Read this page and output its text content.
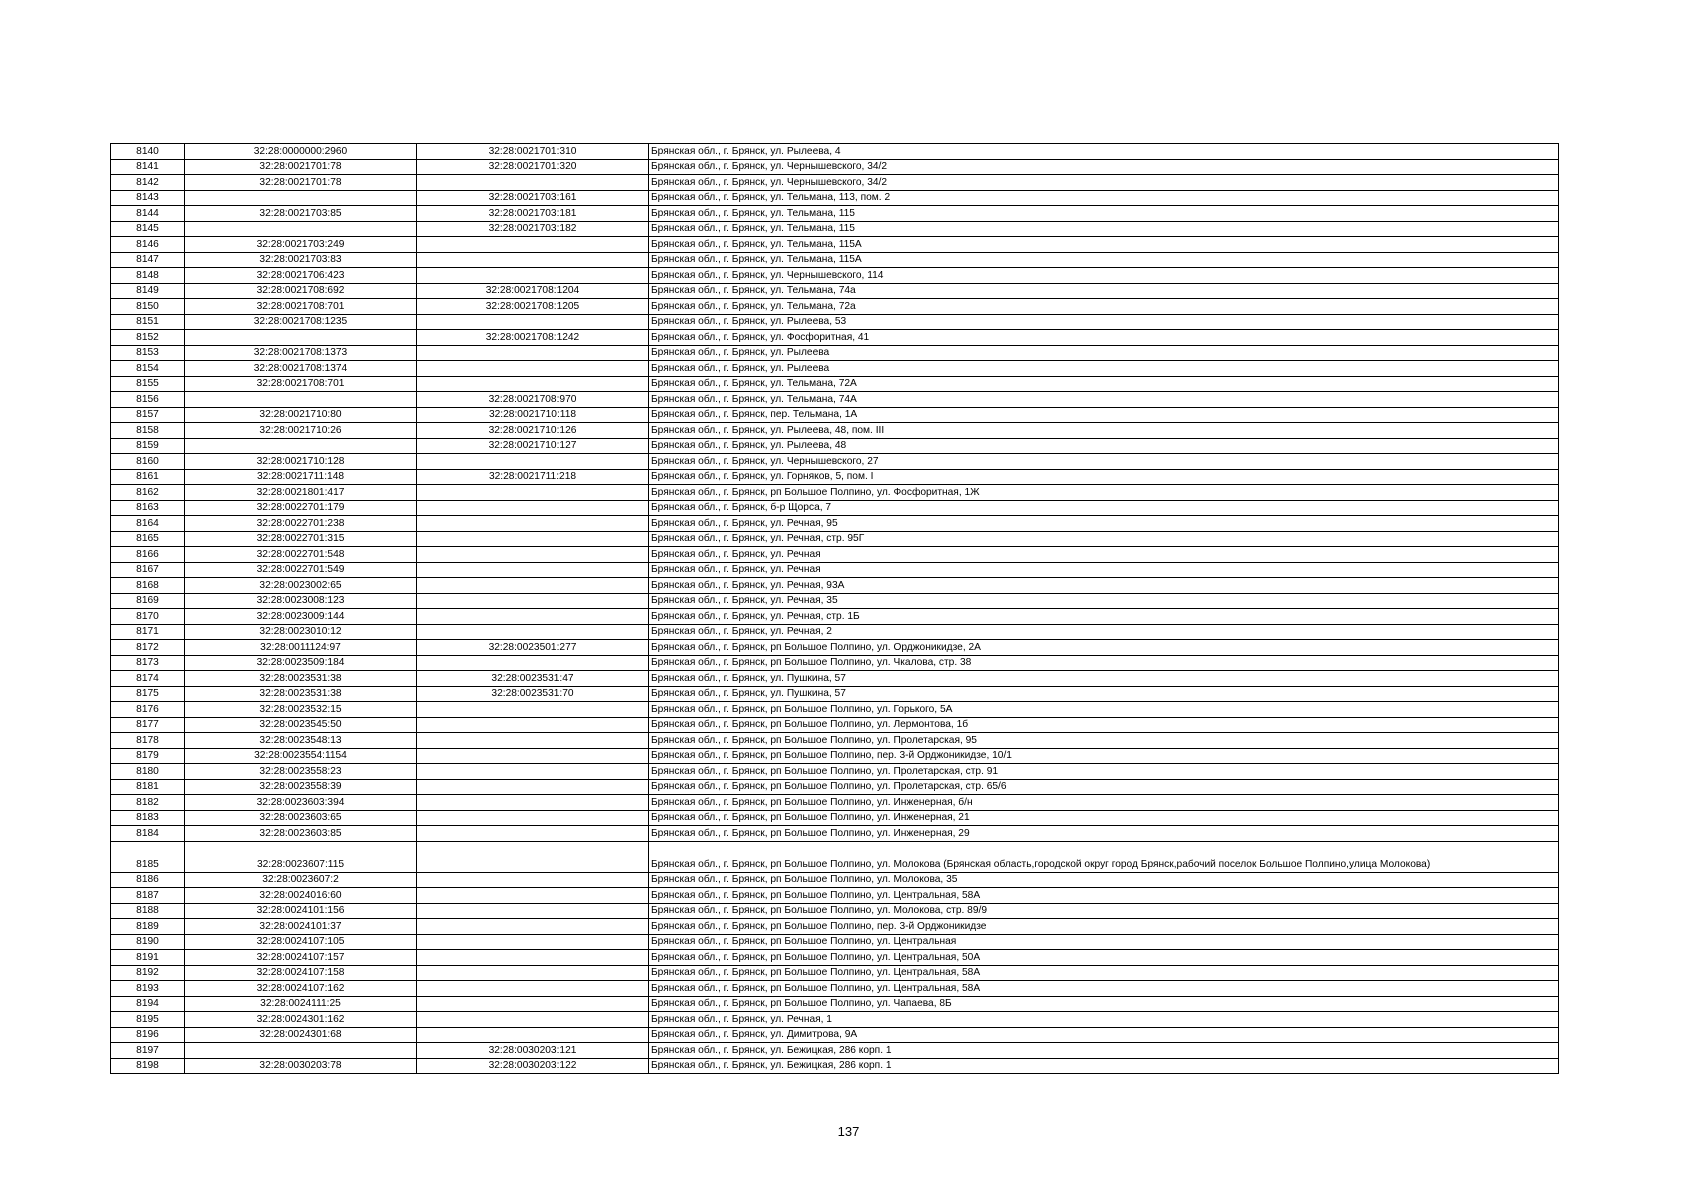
8140	32:28:0000000:2960	32:28:0021701:310	Брянская обл., г. Брянск, ул. Рылеева, 4
8141	32:28:0021701:78	32:28:0021701:320	Брянская обл., г. Брянск, ул. Чернышевского, 34/2
8142	32:28:0021701:78		Брянская обл., г. Брянск, ул. Чернышевского, 34/2
8143		32:28:0021703:161	Брянская обл., г. Брянск, ул. Тельмана, 113, пом. 2
8144	32:28:0021703:85	32:28:0021703:181	Брянская обл., г. Брянск, ул. Тельмана, 115
8145		32:28:0021703:182	Брянская обл., г. Брянск, ул. Тельмана, 115
8146	32:28:0021703:249		Брянская обл., г. Брянск, ул. Тельмана, 115А
8147	32:28:0021703:83		Брянская обл., г. Брянск, ул. Тельмана, 115А
8148	32:28:0021706:423		Брянская обл., г. Брянск, ул. Чернышевского, 114
8149	32:28:0021708:692	32:28:0021708:1204	Брянская обл., г. Брянск, ул. Тельмана, 74а
8150	32:28:0021708:701	32:28:0021708:1205	Брянская обл., г. Брянск, ул. Тельмана, 72а
8151	32:28:0021708:1235		Брянская обл., г. Брянск, ул. Рылеева, 53
8152		32:28:0021708:1242	Брянская обл., г. Брянск, ул. Фосфоритная, 41
8153	32:28:0021708:1373		Брянская обл., г. Брянск, ул. Рылеева
8154	32:28:0021708:1374		Брянская обл., г. Брянск, ул. Рылеева
8155	32:28:0021708:701		Брянская обл., г. Брянск, ул. Тельмана, 72А
8156		32:28:0021708:970	Брянская обл., г. Брянск, ул. Тельмана, 74А
8157	32:28:0021710:80	32:28:0021710:118	Брянская обл., г. Брянск, пер. Тельмана, 1А
8158	32:28:0021710:26	32:28:0021710:126	Брянская обл., г. Брянск, ул. Рылеева, 48, пом. III
8159		32:28:0021710:127	Брянская обл., г. Брянск, ул. Рылеева, 48
8160	32:28:0021710:128		Брянская обл., г. Брянск, ул. Чернышевского, 27
8161	32:28:0021711:148	32:28:0021711:218	Брянская обл., г. Брянск, ул. Горняков, 5, пом. I
8162	32:28:0021801:417		Брянская обл., г. Брянск, рп Большое Полпино, ул. Фосфоритная, 1Ж
8163	32:28:0022701:179		Брянская обл., г. Брянск, б-р Щорса, 7
8164	32:28:0022701:238		Брянская обл., г. Брянск, ул. Речная, 95
8165	32:28:0022701:315		Брянская обл., г. Брянск, ул. Речная, стр. 95Г
8166	32:28:0022701:548		Брянская обл., г. Брянск, ул. Речная
8167	32:28:0022701:549		Брянская обл., г. Брянск, ул. Речная
8168	32:28:0023002:65		Брянская обл., г. Брянск, ул. Речная, 93А
8169	32:28:0023008:123		Брянская обл., г. Брянск, ул. Речная, 35
8170	32:28:0023009:144		Брянская обл., г. Брянск, ул. Речная, стр. 1Б
8171	32:28:0023010:12		Брянская обл., г. Брянск, ул. Речная, 2
8172	32:28:0011124:97	32:28:0023501:277	Брянская обл., г. Брянск, рп Большое Полпино, ул. Орджоникидзе, 2А
8173	32:28:0023509:184		Брянская обл., г. Брянск, рп Большое Полпино, ул. Чкалова, стр. 38
8174	32:28:0023531:38	32:28:0023531:47	Брянская обл., г. Брянск, ул. Пушкина, 57
8175	32:28:0023531:38	32:28:0023531:70	Брянская обл., г. Брянск, ул. Пушкина, 57
8176	32:28:0023532:15		Брянская обл., г. Брянск, рп Большое Полпино, ул. Горького, 5А
8177	32:28:0023545:50		Брянская обл., г. Брянск, рп Большое Полпино, ул. Лермонтова, 1б
8178	32:28:0023548:13		Брянская обл., г. Брянск, рп Большое Полпино, ул. Пролетарская, 95
8179	32:28:0023554:1154		Брянская обл., г. Брянск, рп Большое Полпино, пер. 3-й Орджоникидзе, 10/1
8180	32:28:0023558:23		Брянская обл., г. Брянск, рп Большое Полпино, ул. Пролетарская, стр. 91
8181	32:28:0023558:39		Брянская обл., г. Брянск, рп Большое Полпино, ул. Пролетарская, стр. 65/6
8182	32:28:0023603:394		Брянская обл., г. Брянск, рп Большое Полпино, ул. Инженерная, б/н
8183	32:28:0023603:65		Брянская обл., г. Брянск, рп Большое Полпино, ул. Инженерная, 21
8184	32:28:0023603:85		Брянская обл., г. Брянск, рп Большое Полпино, ул. Инженерная, 29
8185	32:28:0023607:115		Брянская обл., г. Брянск, рп Большое Полпино, ул. Молокова (Брянская область,городской округ город Брянск,рабочий поселок Большое Полпино,улица Молокова)
8186	32:28:0023607:2		Брянская обл., г. Брянск, рп Большое Полпино, ул. Молокова, 35
8187	32:28:0024016:60		Брянская обл., г. Брянск, рп Большое Полпино, ул. Центральная, 58А
8188	32:28:0024101:156		Брянская обл., г. Брянск, рп Большое Полпино, ул. Молокова, стр. 89/9
8189	32:28:0024101:37		Брянская обл., г. Брянск, рп Большое Полпино, пер. 3-й Орджоникидзе
8190	32:28:0024107:105		Брянская обл., г. Брянск, рп Большое Полпино, ул. Центральная
8191	32:28:0024107:157		Брянская обл., г. Брянск, рп Большое Полпино, ул. Центральная, 50А
8192	32:28:0024107:158		Брянская обл., г. Брянск, рп Большое Полпино, ул. Центральная, 58А
8193	32:28:0024107:162		Брянская обл., г. Брянск, рп Большое Полпино, ул. Центральная, 58А
8194	32:28:0024111:25		Брянская обл., г. Брянск, рп Большое Полпино, ул. Чапаева, 8Б
8195	32:28:0024301:162		Брянская обл., г. Брянск, ул. Речная, 1
8196	32:28:0024301:68		Брянская обл., г. Брянск, ул. Димитрова, 9А
8197		32:28:0030203:121	Брянская обл., г. Брянск, ул. Бежицкая, 286 корп. 1
8198	32:28:0030203:78	32:28:0030203:122	Брянская обл., г. Брянск, ул. Бежицкая, 286 корп. 1
137
